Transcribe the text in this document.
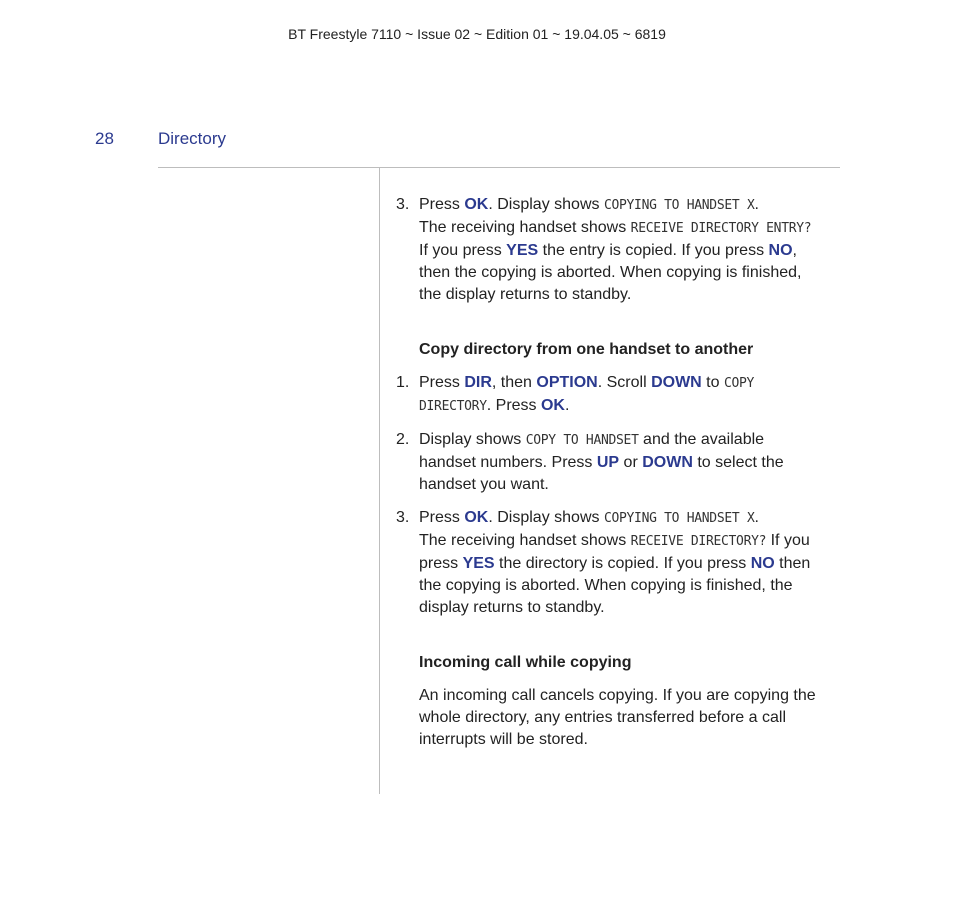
BT Freestyle 7110 ~ Issue 02 ~ Edition 01 ~ 19.04.05 ~ 6819
28	Directory
3. Press OK. Display shows COPYING TO HANDSET X.
The receiving handset shows RECEIVE DIRECTORY ENTRY?
If you press YES the entry is copied. If you press NO,
then the copying is aborted. When copying is finished,
the display returns to standby.
Copy directory from one handset to another
1. Press DIR, then OPTION. Scroll DOWN to COPY
DIRECTORY. Press OK.
2. Display shows COPY TO HANDSET and the available
handset numbers. Press UP or DOWN to select the
handset you want.
3. Press OK. Display shows COPYING TO HANDSET X.
The receiving handset shows RECEIVE DIRECTORY? If you
press YES the directory is copied. If you press NO then
the copying is aborted. When copying is finished, the
display returns to standby.
Incoming call while copying
An incoming call cancels copying. If you are copying the
whole directory, any entries transferred before a call
interrupts will be stored.
